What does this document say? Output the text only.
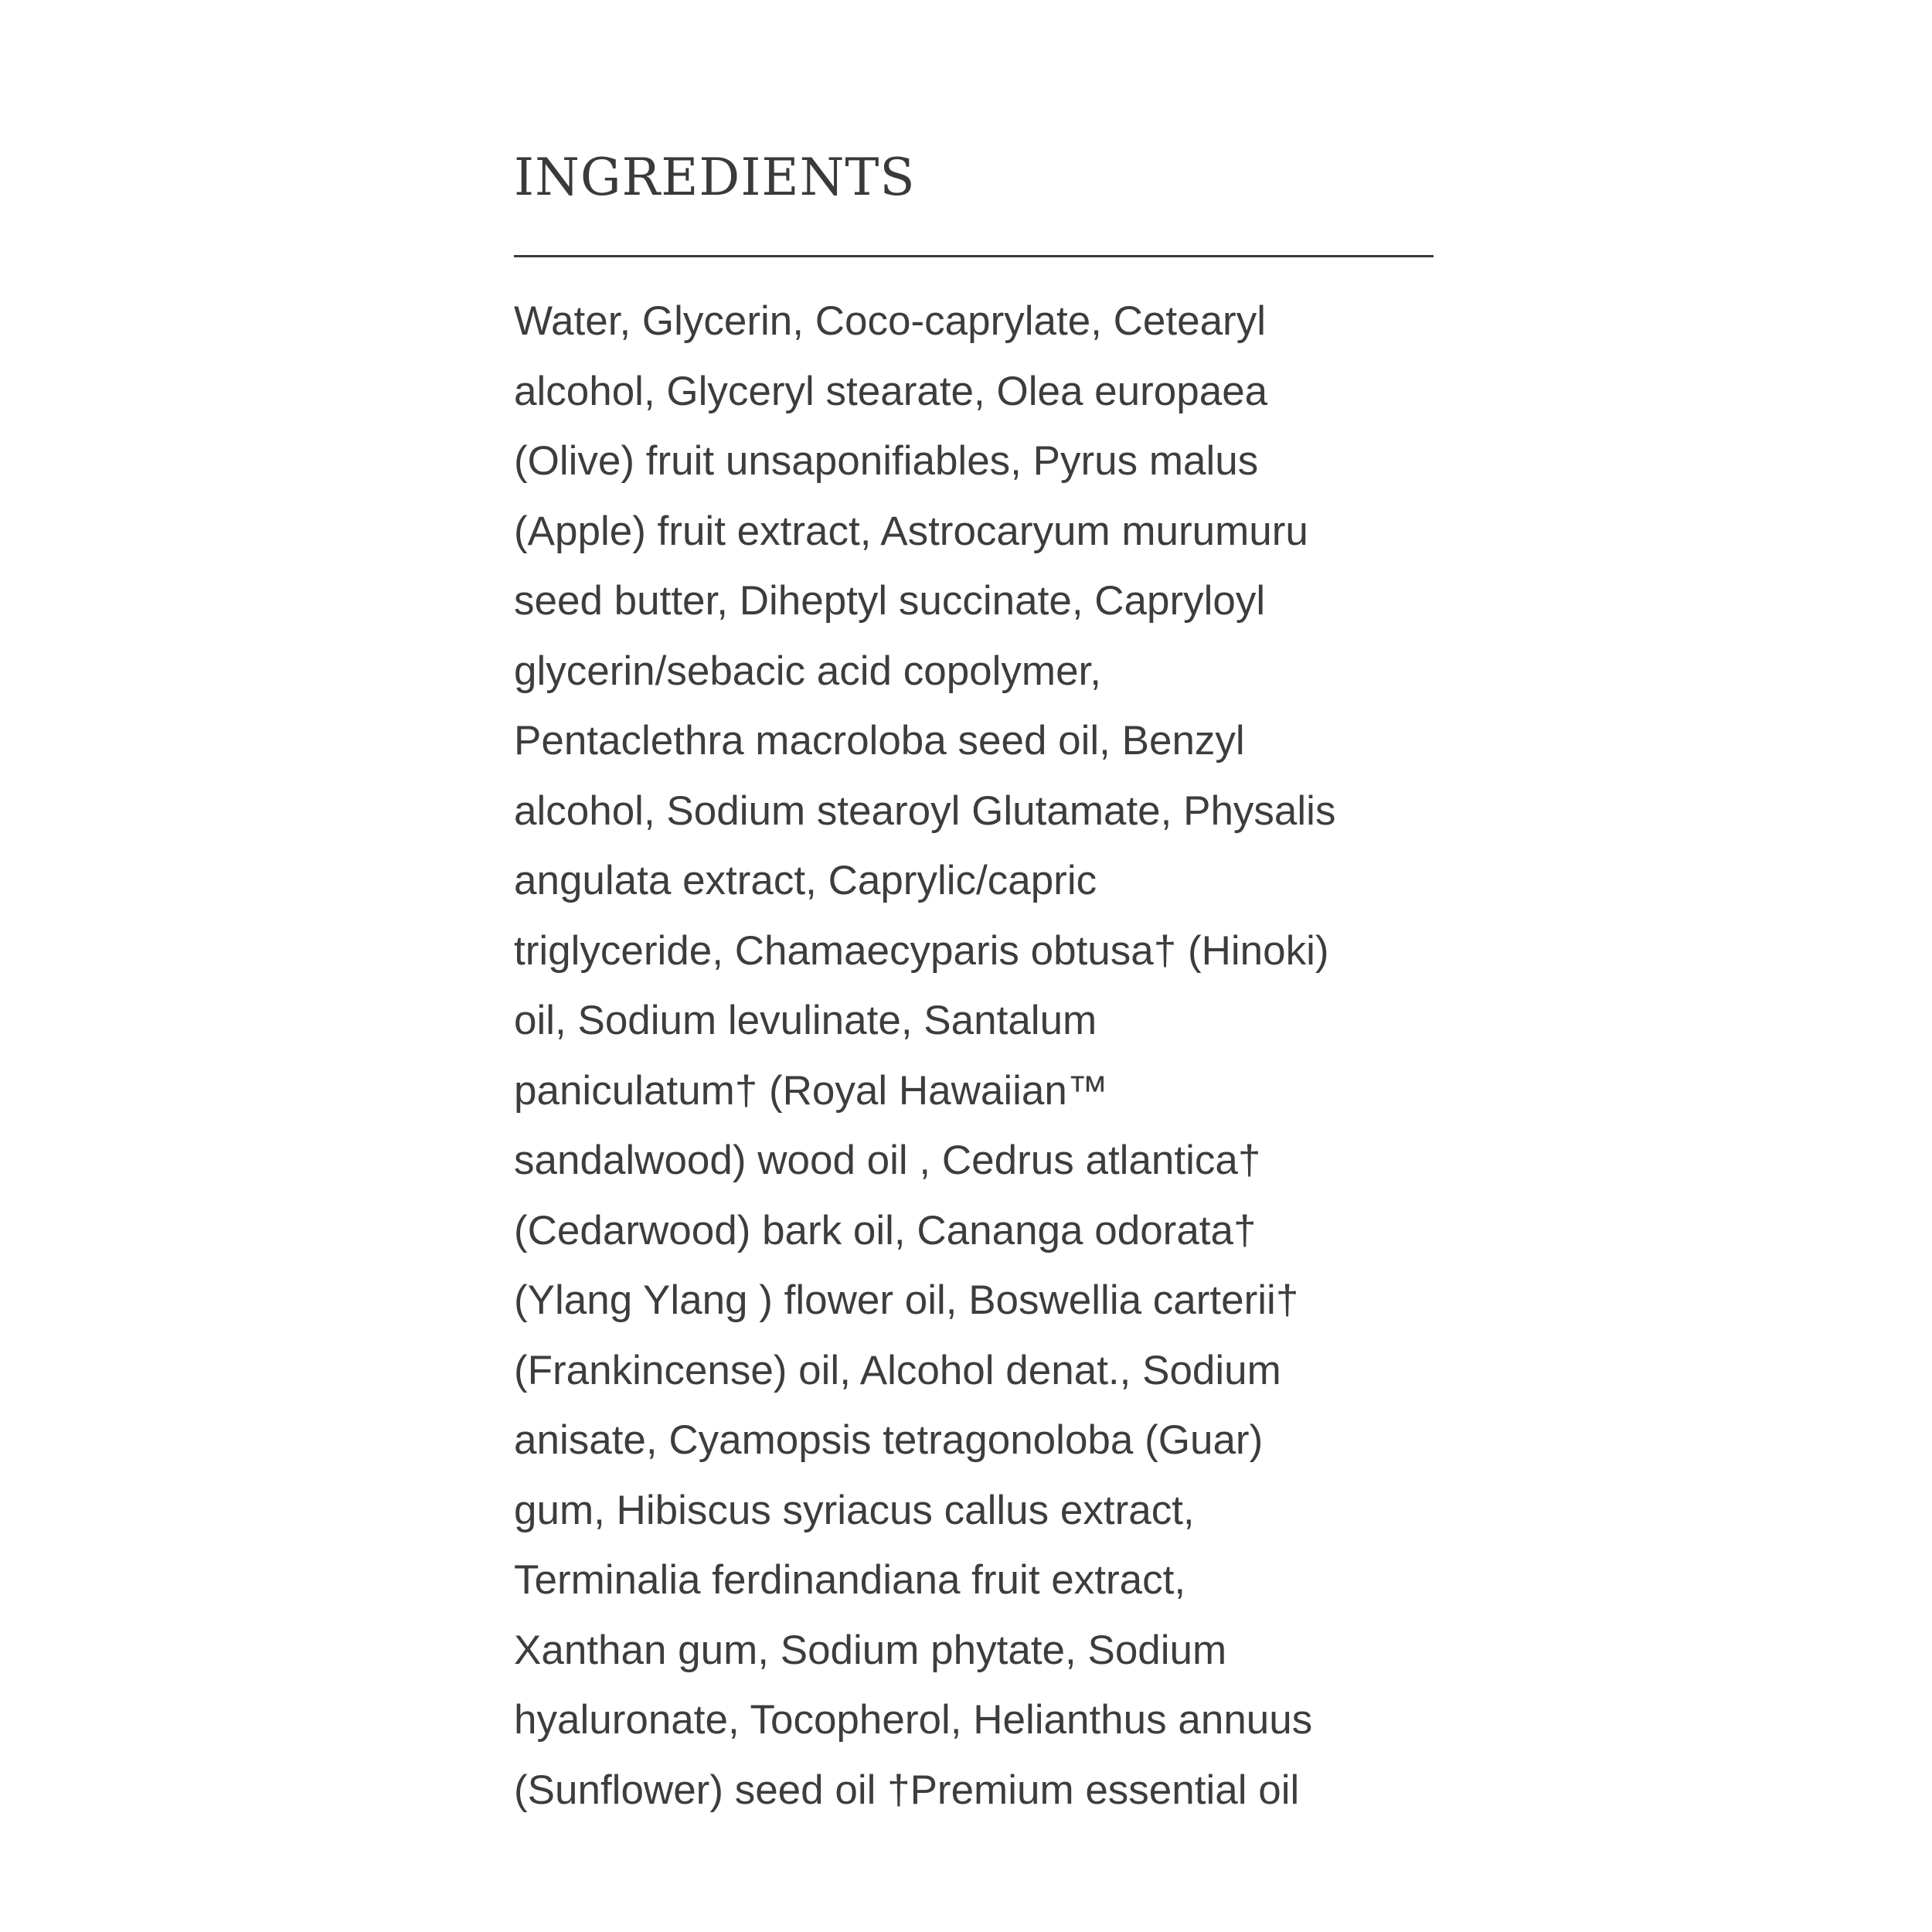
INGREDIENTS
Water, Glycerin, Coco-caprylate, Cetearyl
alcohol, Glyceryl stearate, Olea europaea
(Olive) fruit unsaponifiables, Pyrus malus
(Apple) fruit extract, Astrocaryum murumuru
seed butter, Diheptyl succinate, Capryloyl
glycerin/sebacic acid copolymer,
Pentaclethra macroloba seed oil, Benzyl
alcohol, Sodium stearoyl Glutamate, Physalis
angulata extract, Caprylic/capric
triglyceride, Chamaecyparis obtusa† (Hinoki)
oil, Sodium levulinate, Santalum
paniculatum† (Royal Hawaiian™
sandalwood) wood oil , Cedrus atlantica†
(Cedarwood) bark oil, Cananga odorata†
(Ylang Ylang ) flower oil, Boswellia carterii†
(Frankincense) oil, Alcohol denat., Sodium
anisate, Cyamopsis tetragonoloba (Guar)
gum, Hibiscus syriacus callus extract,
Terminalia ferdinandiana fruit extract,
Xanthan gum, Sodium phytate, Sodium
hyaluronate, Tocopherol, Helianthus annuus
(Sunflower) seed oil †Premium essential oil
